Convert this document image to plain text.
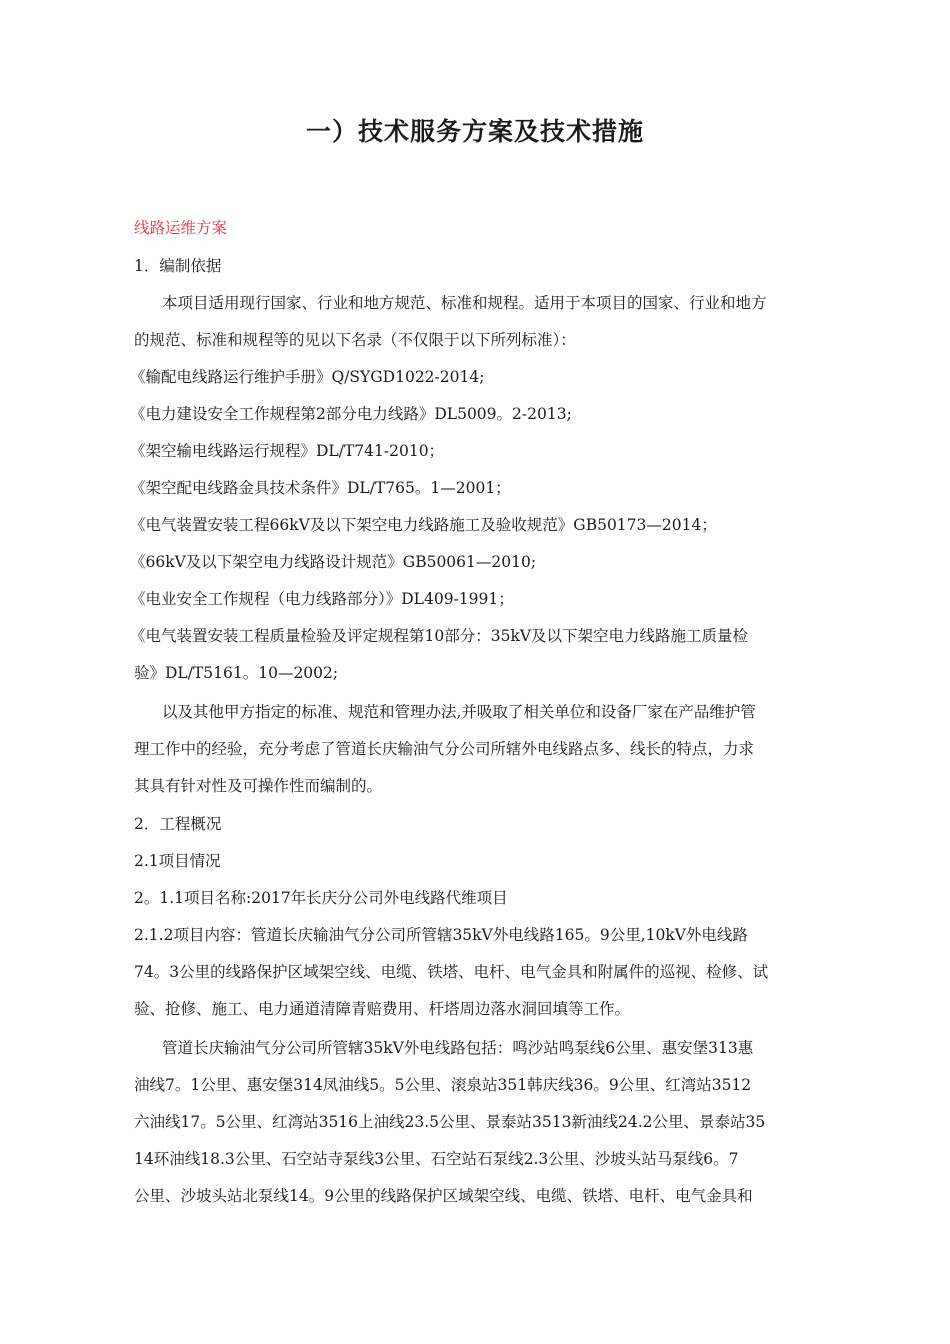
一）技术服务方案及技术措施

线路运维方案

1．编制依据

本项目适用现行国家、行业和地方规范、标准和规程。适用于本项目的国家、行业和地方

的规范、标准和规程等的见以下名录（不仅限于以下所列标准）：

《输配电线路运行维护手册》Q/SYGD1022-2014;

《电力建设安全工作规程第2部分电力线路》DL5009。2-2013;

《架空输电线路运行规程》DL/T741-2010；

《架空配电线路金具技术条件》DL/T765。1—2001；

《电气装置安装工程66kV及以下架空电力线路施工及验收规范》GB50173—2014；

《66kV及以下架空电力线路设计规范》GB50061—2010;

《电业安全工作规程（电力线路部分）》DL409-1991；

《电气装置安装工程质量检验及评定规程第10部分：35kV及以下架空电力线路施工质量检

验》DL/T5161。10—2002;

以及其他甲方指定的标准、规范和管理办法,并吸取了相关单位和设备厂家在产品维护管

理工作中的经验，充分考虑了管道长庆输油气分公司所辖外电线路点多、线长的特点，力求

其具有针对性及可操作性而编制的。

2．工程概况

2.1项目情况

2。1.1项目名称:2017年长庆分公司外电线路代维项目

2.1.2项目内容：管道长庆输油气分公司所管辖35kV外电线路165。9公里,10kV外电线路

74。3公里的线路保护区域架空线、电缆、铁塔、电杆、电气金具和附属件的巡视、检修、试

验、抢修、施工、电力通道清障青赔费用、杆塔周边落水洞回填等工作。

管道长庆输油气分公司所管辖35kV外电线路包括：鸣沙站鸣泵线6公里、惠安堡313惠

油线7。1公里、惠安堡314凤油线5。5公里、滚泉站351韩庆线36。9公里、红湾站3512

六油线17。5公里、红湾站3516上油线23.5公里、景泰站3513新油线24.2公里、景泰站35

14环油线18.3公里、石空站寺泵线3公里、石空站石泵线2.3公里、沙坡头站马泵线6。7

公里、沙坡头站北泵线14。9公里的线路保护区域架空线、电缆、铁塔、电杆、电气金具和
